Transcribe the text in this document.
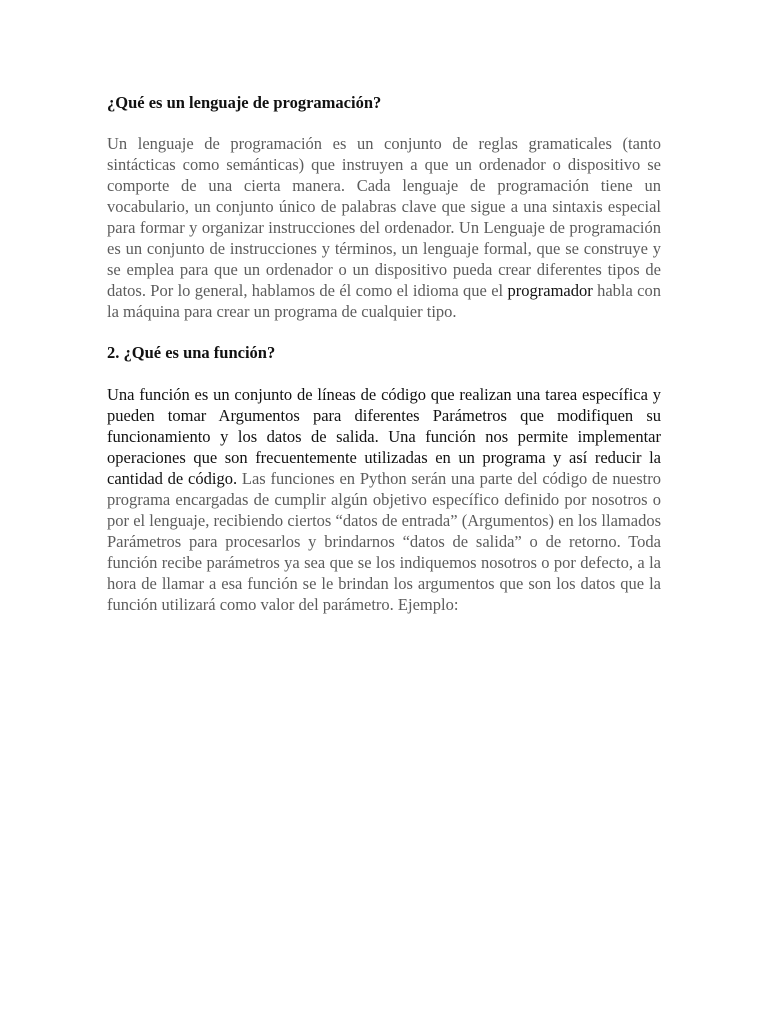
¿Qué es un lenguaje de programación?

Un lenguaje de programación es un conjunto de reglas gramaticales (tanto sintácticas como semánticas) que instruyen a que un ordenador o dispositivo se comporte de una cierta manera. Cada lenguaje de programación tiene un vocabulario, un conjunto único de palabras clave que sigue a una sintaxis especial para formar y organizar instrucciones del ordenador. Un Lenguaje de programación es un conjunto de instrucciones y términos, un lenguaje formal, que se construye y se emplea para que un ordenador o un dispositivo pueda crear diferentes tipos de datos. Por lo general, hablamos de él como el idioma que el programador habla con la máquina para crear un programa de cualquier tipo.

2. ¿Qué es una función?

Una función es un conjunto de líneas de código que realizan una tarea específica y pueden tomar Argumentos para diferentes Parámetros que modifiquen su funcionamiento y los datos de salida. Una función nos permite implementar operaciones que son frecuentemente utilizadas en un programa y así reducir la cantidad de código. Las funciones en Python serán una parte del código de nuestro programa encargadas de cumplir algún objetivo específico definido por nosotros o por el lenguaje, recibiendo ciertos “datos de entrada” (Argumentos) en los llamados Parámetros para procesarlos y brindarnos “datos de salida” o de retorno. Toda función recibe parámetros ya sea que se los indiquemos nosotros o por defecto, a la hora de llamar a esa función se le brindan los argumentos que son los datos que la función utilizará como valor del parámetro. Ejemplo:
